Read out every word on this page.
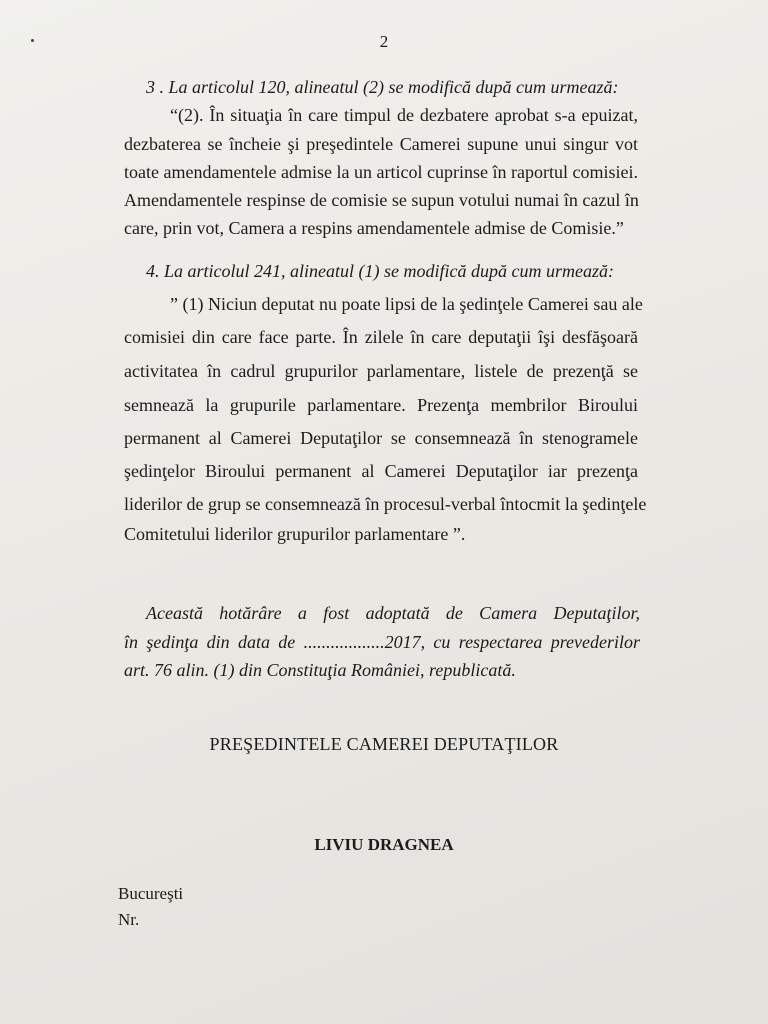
2
3 . La articolul 120, alineatul (2) se modifică după cum urmează:
“(2). În situaţia în care timpul de dezbatere aprobat s-a epuizat,
dezbaterea se încheie şi preşedintele Camerei supune unui singur vot
toate amendamentele admise la un articol cuprinse în raportul comisiei.
Amendamentele respinse de comisie se supun votului numai în cazul în
care, prin vot, Camera a respins amendamentele admise de Comisie.”
4. La articolul 241, alineatul (1) se modifică după cum urmează:
” (1) Niciun deputat nu poate lipsi de la şedinţele Camerei sau ale
comisiei din care face parte. În zilele în care deputaţii îşi desfăşoară
activitatea în cadrul grupurilor parlamentare, listele de prezenţă se
semnează la grupurile parlamentare. Prezenţa membrilor Biroului
permanent al Camerei Deputaţilor se consemnează în stenogramele
şedinţelor Biroului permanent al Camerei Deputaţilor iar prezenţa
liderilor de grup se consemnează în procesul-verbal întocmit la şedinţele
Comitetului liderilor grupurilor parlamentare ”.
Această hotărâre a fost adoptată de Camera Deputaţilor,
în şedinţa din data de ..................2017, cu respectarea prevederilor
art. 76 alin. (1) din Constituţia României, republicată.
PREŞEDINTELE CAMEREI DEPUTAŢILOR
LIVIU DRAGNEA
Bucureşti
Nr.
